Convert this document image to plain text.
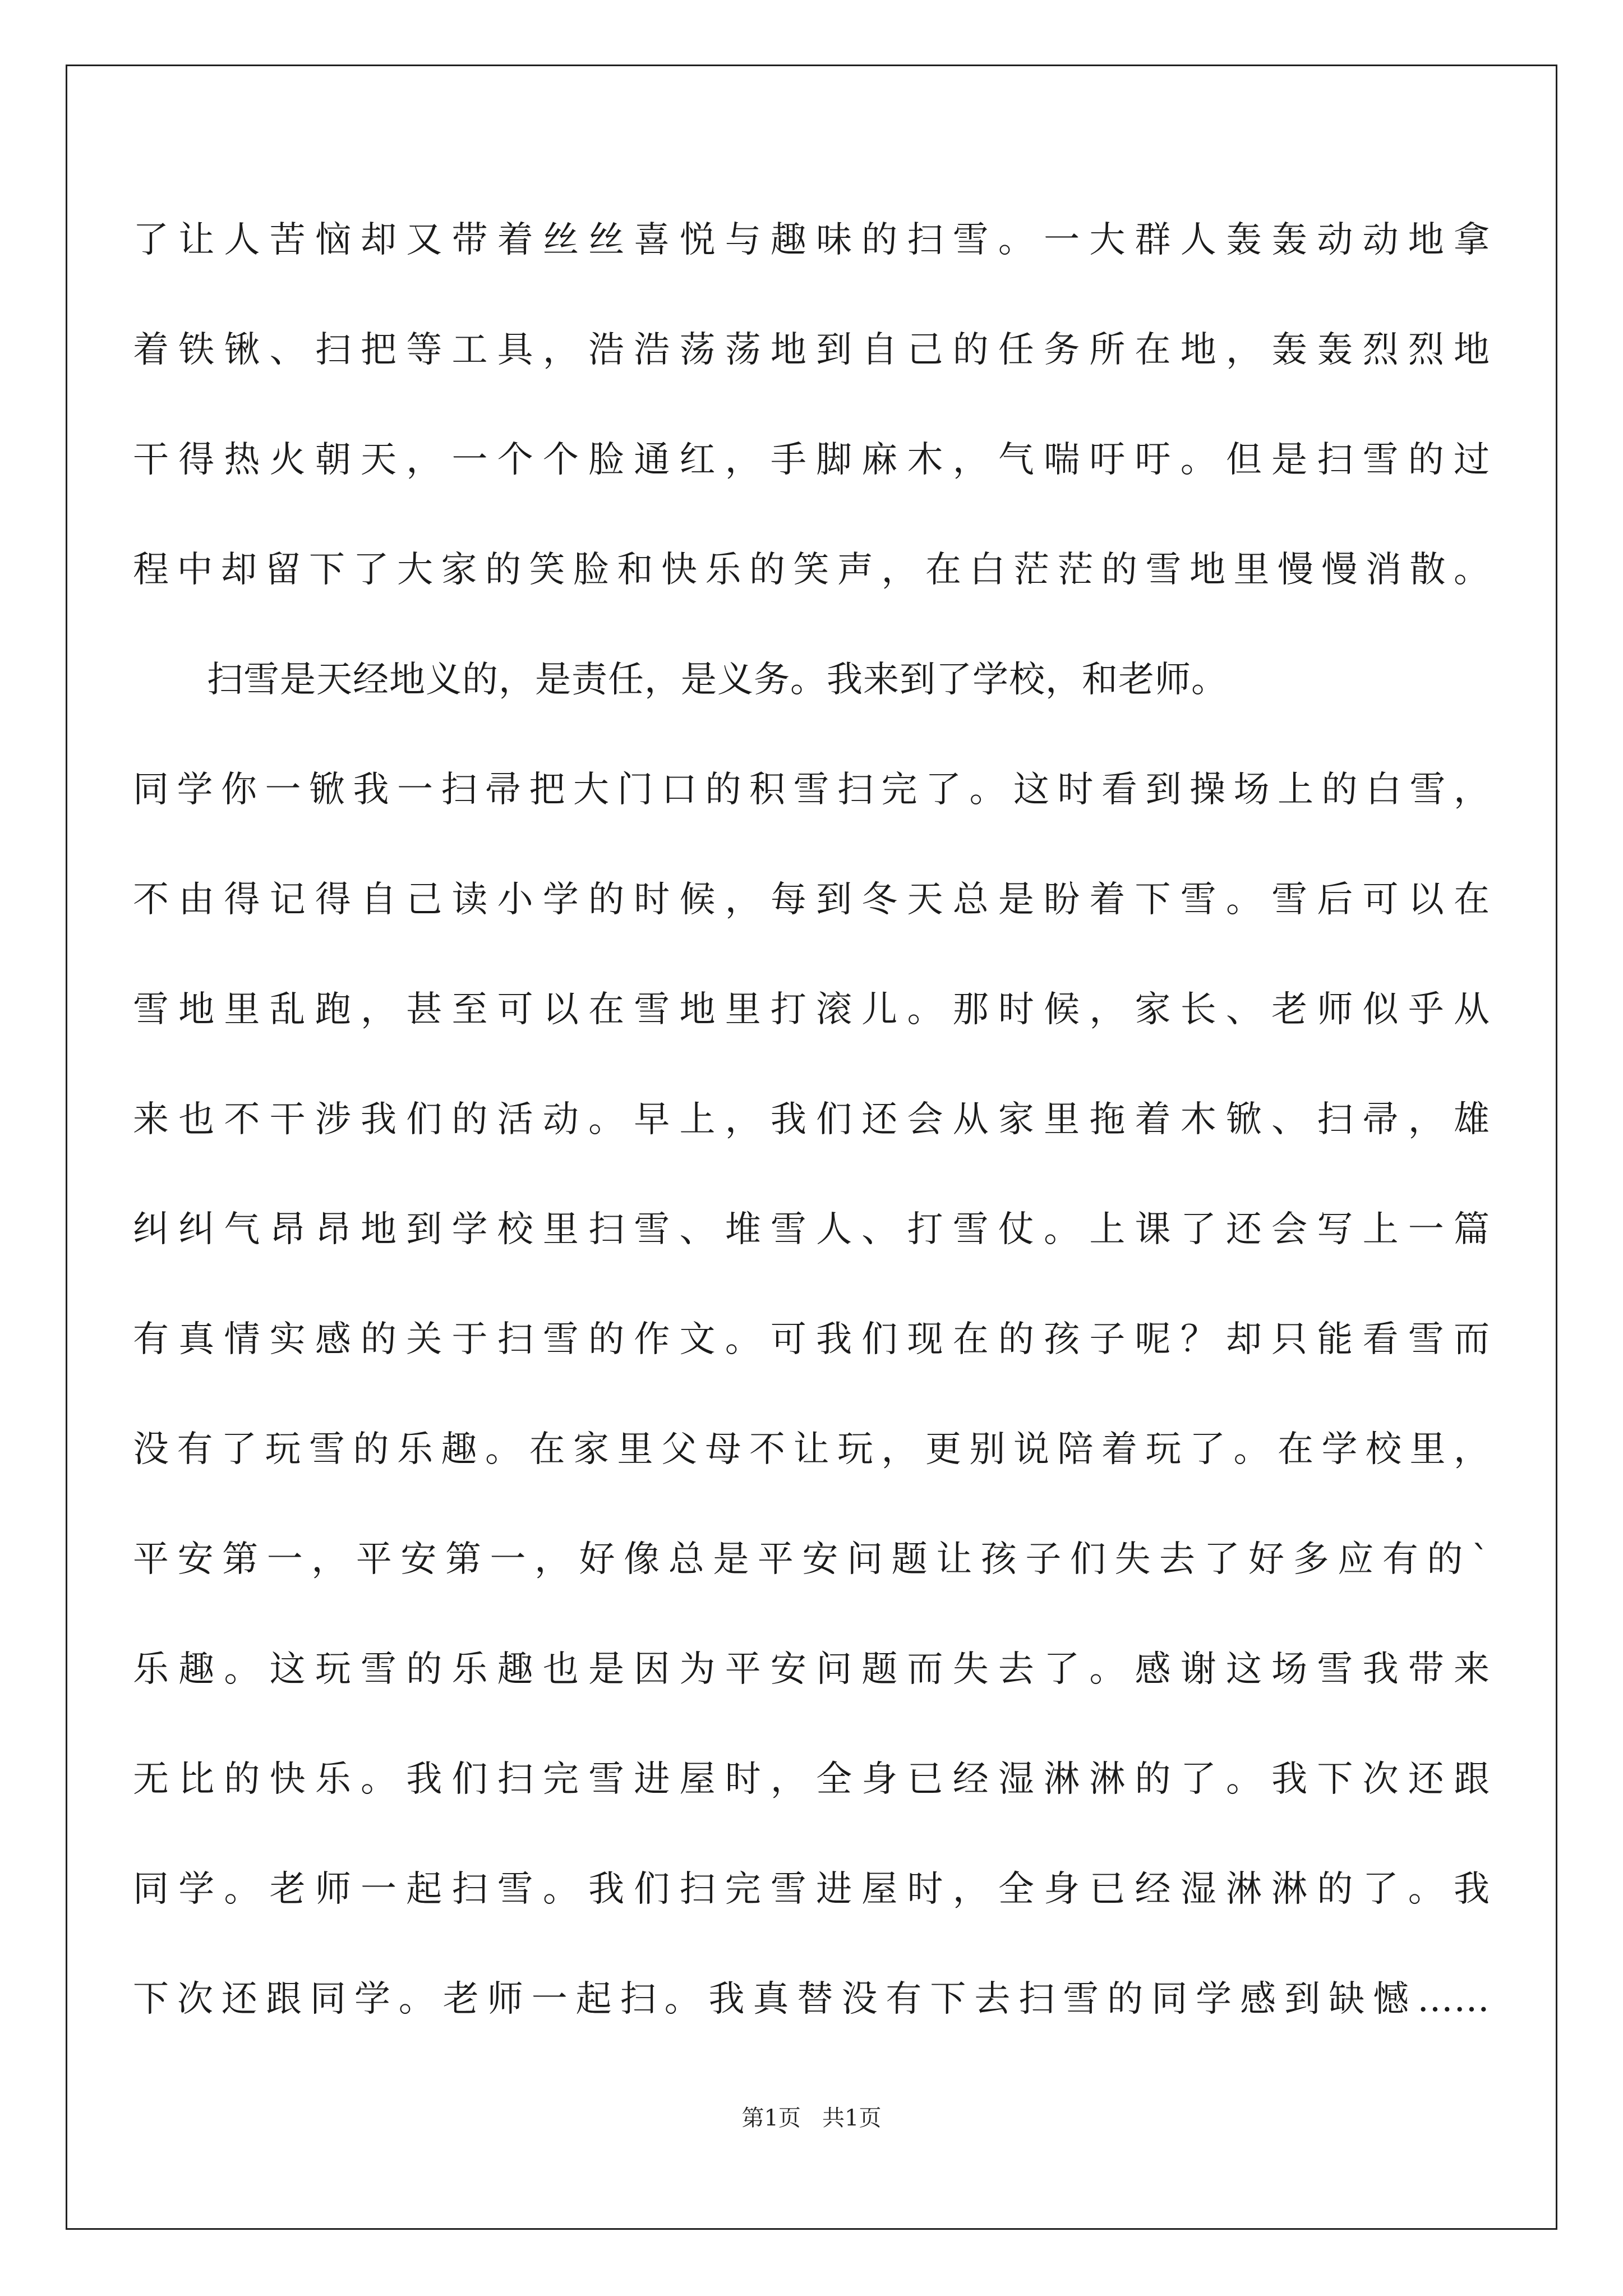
了让人苦恼却又带着丝丝喜悦与趣味的扫雪。一大群人轰轰动动地拿
着铁锹、扫把等工具，浩浩荡荡地到自己的任务所在地，轰轰烈烈地
干得热火朝天，一个个脸通红，手脚麻木，气喘吁吁。但是扫雪的过
程中却留下了大家的笑脸和快乐的笑声，在白茫茫的雪地里慢慢消散。
扫雪是天经地义的，是责任，是义务。我来到了学校，和老师。
同学你一锨我一扫帚把大门口的积雪扫完了。这时看到操场上的白雪，
不由得记得自己读小学的时候，每到冬天总是盼着下雪。雪后可以在
雪地里乱跑，甚至可以在雪地里打滚儿。那时候，家长、老师似乎从
来也不干涉我们的活动。早上，我们还会从家里拖着木锨、扫帚，雄
纠纠气昂昂地到学校里扫雪、堆雪人、打雪仗。上课了还会写上一篇
有真情实感的关于扫雪的作文。可我们现在的孩子呢？却只能看雪而
没有了玩雪的乐趣。在家里父母不让玩，更别说陪着玩了。在学校里，
平安第一，平安第一，好像总是平安问题让孩子们失去了好多应有的`
乐趣。这玩雪的乐趣也是因为平安问题而失去了。感谢这场雪我带来
无比的快乐。我们扫完雪进屋时，全身已经湿淋淋的了。我下次还跟
同学。老师一起扫雪。我们扫完雪进屋时，全身已经湿淋淋的了。我
下次还跟同学。老师一起扫。我真替没有下去扫雪的同学感到缺憾……
第1页   共1页
